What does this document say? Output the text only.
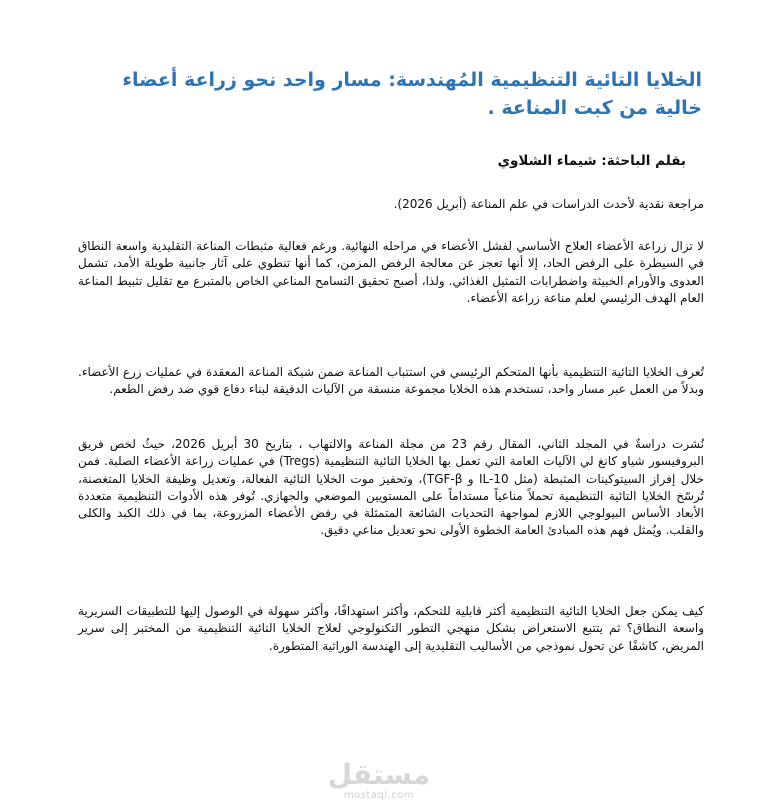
الخلايا التائية التنظيمية المُهندسة: مسار واحد نحو زراعة أعضاء خالية من كبت المناعة .
بقلم الباحثة: شيماء الشلاوي

مراجعة نقدية لأحدث الدراسات في علم المناعة (أبريل 2026).

لا تزال زراعة الأعضاء العلاج الأساسي لفشل الأعضاء في مراحله النهائية. ورغم فعالية مثبطات المناعة التقليدية واسعة النطاق في السيطرة على الرفض الحاد، إلا أنها تعجز عن معالجة الرفض المزمن، كما أنها تنطوي على آثار جانبية طويلة الأمد، تشمل العدوى والأورام الخبيثة واضطرابات التمثيل الغذائي. ولذا، أصبح تحقيق التسامح المناعي الخاص بالمتبرع مع تقليل تثبيط المناعة العام الهدف الرئيسي لعلم مناعة زراعة الأعضاء.

تُعرف الخلايا التائية التنظيمية بأنها المتحكم الرئيسي في استتباب المناعة ضمن شبكة المناعة المعقدة في عمليات زرع الأعضاء. وبدلاً من العمل عبر مسار واحد، تستخدم هذه الخلايا مجموعة منسقة من الآليات الدقيقة لبناء دفاع قوي ضد رفض الطعم.

نُشرت دراسةٌ في المجلد الثاني، المقال رقم 23 من مجلة المناعة والالتهاب ، بتاريخ 30 أبريل 2026، حيثُ لخص فريق البروفيسور شياو كانغ لي الآليات العامة التي تعمل بها الخلايا التائية التنظيمية (Tregs) في عمليات زراعة الأعضاء الصلبة. فمن خلال إفراز السيتوكينات المثبطة (مثل IL-10 و TGF-β)، وتحفيز موت الخلايا التائية الفعالة، وتعديل وظيفة الخلايا المتغصنة، تُرسّخ الخلايا التائية التنظيمية تحملاً مناعياً مستداماً على المستويين الموضعي والجهازي. تُوفر هذه الأدوات التنظيمية متعددة الأبعاد الأساس البيولوجي اللازم لمواجهة التحديات الشائعة المتمثلة في رفض الأعضاء المزروعة، بما في ذلك الكبد والكلى والقلب. ويُمثل فهم هذه المبادئ العامة الخطوة الأولى نحو تعديل مناعي دقيق.

كيف يمكن جعل الخلايا التائية التنظيمية أكثر قابلية للتحكم، وأكثر استهدافًا، وأكثر سهولة في الوصول إليها للتطبيقات السريرية واسعة النطاق؟ ثم يتتبع الاستعراض بشكل منهجي التطور التكنولوجي لعلاج الخلايا التائية التنظيمية من المختبر إلى سرير المريض، كاشفًا عن تحول نموذجي من الأساليب التقليدية إلى الهندسة الوراثية المتطورة.

مستقل
mostaql.com
